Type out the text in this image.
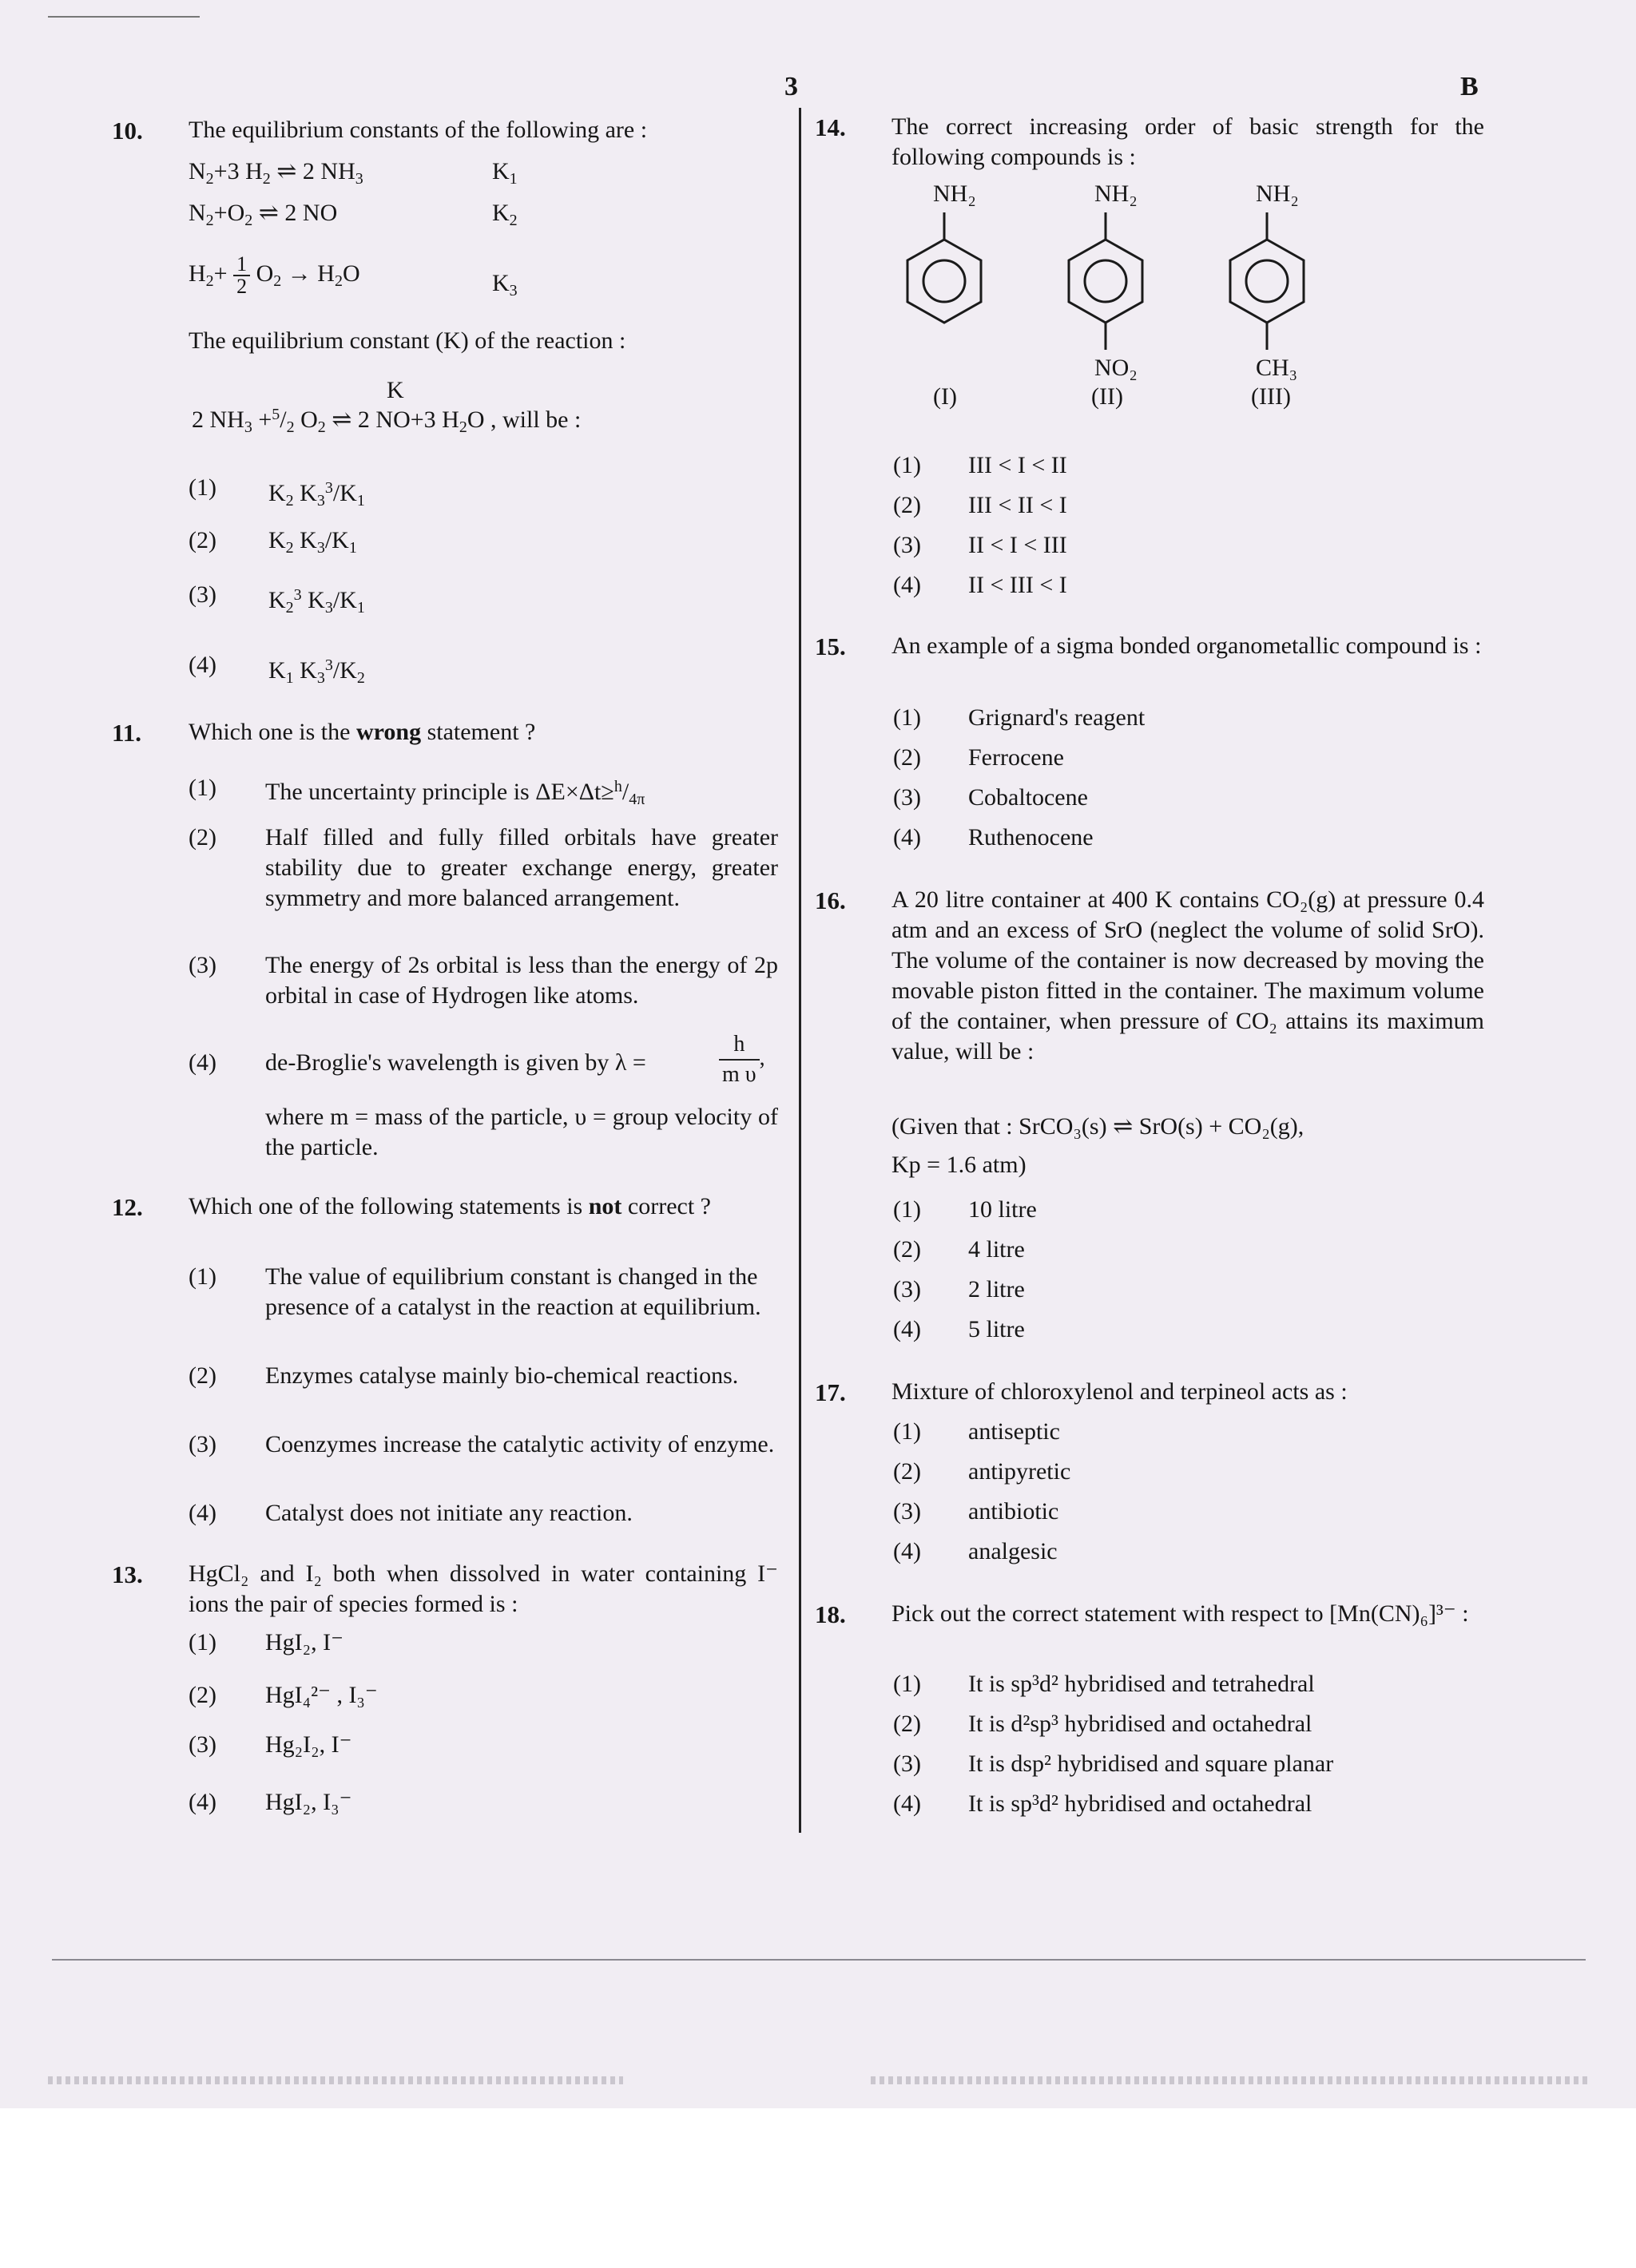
3	B
10. The equilibrium constants of the following are :
$N_2+3$ $H_2$ ⇌ 2 $NH_3$	$K_1$
$N_2+O_2$ ⇌ 2 NO	$K_2$
$H_2+ \frac{1}{2} O_2 \to H_2O$	$K_3$
The equilibrium constant (K) of the reaction :
K
2 $NH_3 +^5/_2$ $O_2$ ⇌ 2 NO+3 $H_2O$ , will be :
(1) $K_2$ $K_3^3/K_1$
(2) $K_2$ $K_3/K_1$
(3) $K_2^3$ $K_3/K_1$
(4) $K_1$ $K_3^3/K_2$
11. Which one is the wrong statement ?
(1) The uncertainty principle is $\Delta E\times\Delta t\ge^h/_{4\pi}$
(2) Half filled and fully filled orbitals have greater stability due to greater exchange energy, greater symmetry and more balanced arrangement.
(3) The energy of 2s orbital is less than the energy of 2p orbital in case of Hydrogen like atoms.
(4) de-Broglie's wavelength is given by λ =	$\frac{h}{\text{m υ}}$ ,
where m = mass of the particle, υ = group velocity of the particle.
12. Which one of the following statements is not correct ?
(1) The value of equilibrium constant is changed in the presence of a catalyst in the reaction at equilibrium.
(2) Enzymes catalyse mainly bio-chemical reactions.
(3) Coenzymes increase the catalytic activity of enzyme.
(4) Catalyst does not initiate any reaction.
13. HgCl₂ and I₂ both when dissolved in water containing I⁻ ions the pair of species formed is :
(1) HgI₂, I⁻
(2) HgI₄²⁻ , I₃⁻
(3) Hg₂I₂, I⁻
(4) HgI₂, I₃⁻
14. The correct increasing order of basic strength for the following compounds is :
NH₂	NH₂	NH₂
NO₂	CH₃
(I)	(II)	(III)
(1) III < I < II
(2) III < II < I
(3) II < I < III
(4) II < III < I
15. An example of a sigma bonded organometallic compound is :
(1) Grignard's reagent
(2) Ferrocene
(3) Cobaltocene
(4) Ruthenocene
16. A 20 litre container at 400 K contains CO₂(g) at pressure 0.4 atm and an excess of SrO (neglect the volume of solid SrO). The volume of the container is now decreased by moving the movable piston fitted in the container. The maximum volume of the container, when pressure of CO₂ attains its maximum value, will be :
(Given that : SrCO₃(s) ⇌ SrO(s) + CO₂(g),
Kp = 1.6 atm)
(1) 10 litre
(2) 4 litre
(3) 2 litre
(4) 5 litre
17. Mixture of chloroxylenol and terpineol acts as :
(1) antiseptic
(2) antipyretic
(3) antibiotic
(4) analgesic
18. Pick out the correct statement with respect to [Mn(CN)₆]³⁻ :
(1) It is sp³d² hybridised and tetrahedral
(2) It is d²sp³ hybridised and octahedral
(3) It is dsp² hybridised and square planar
(4) It is sp³d² hybridised and octahedral
